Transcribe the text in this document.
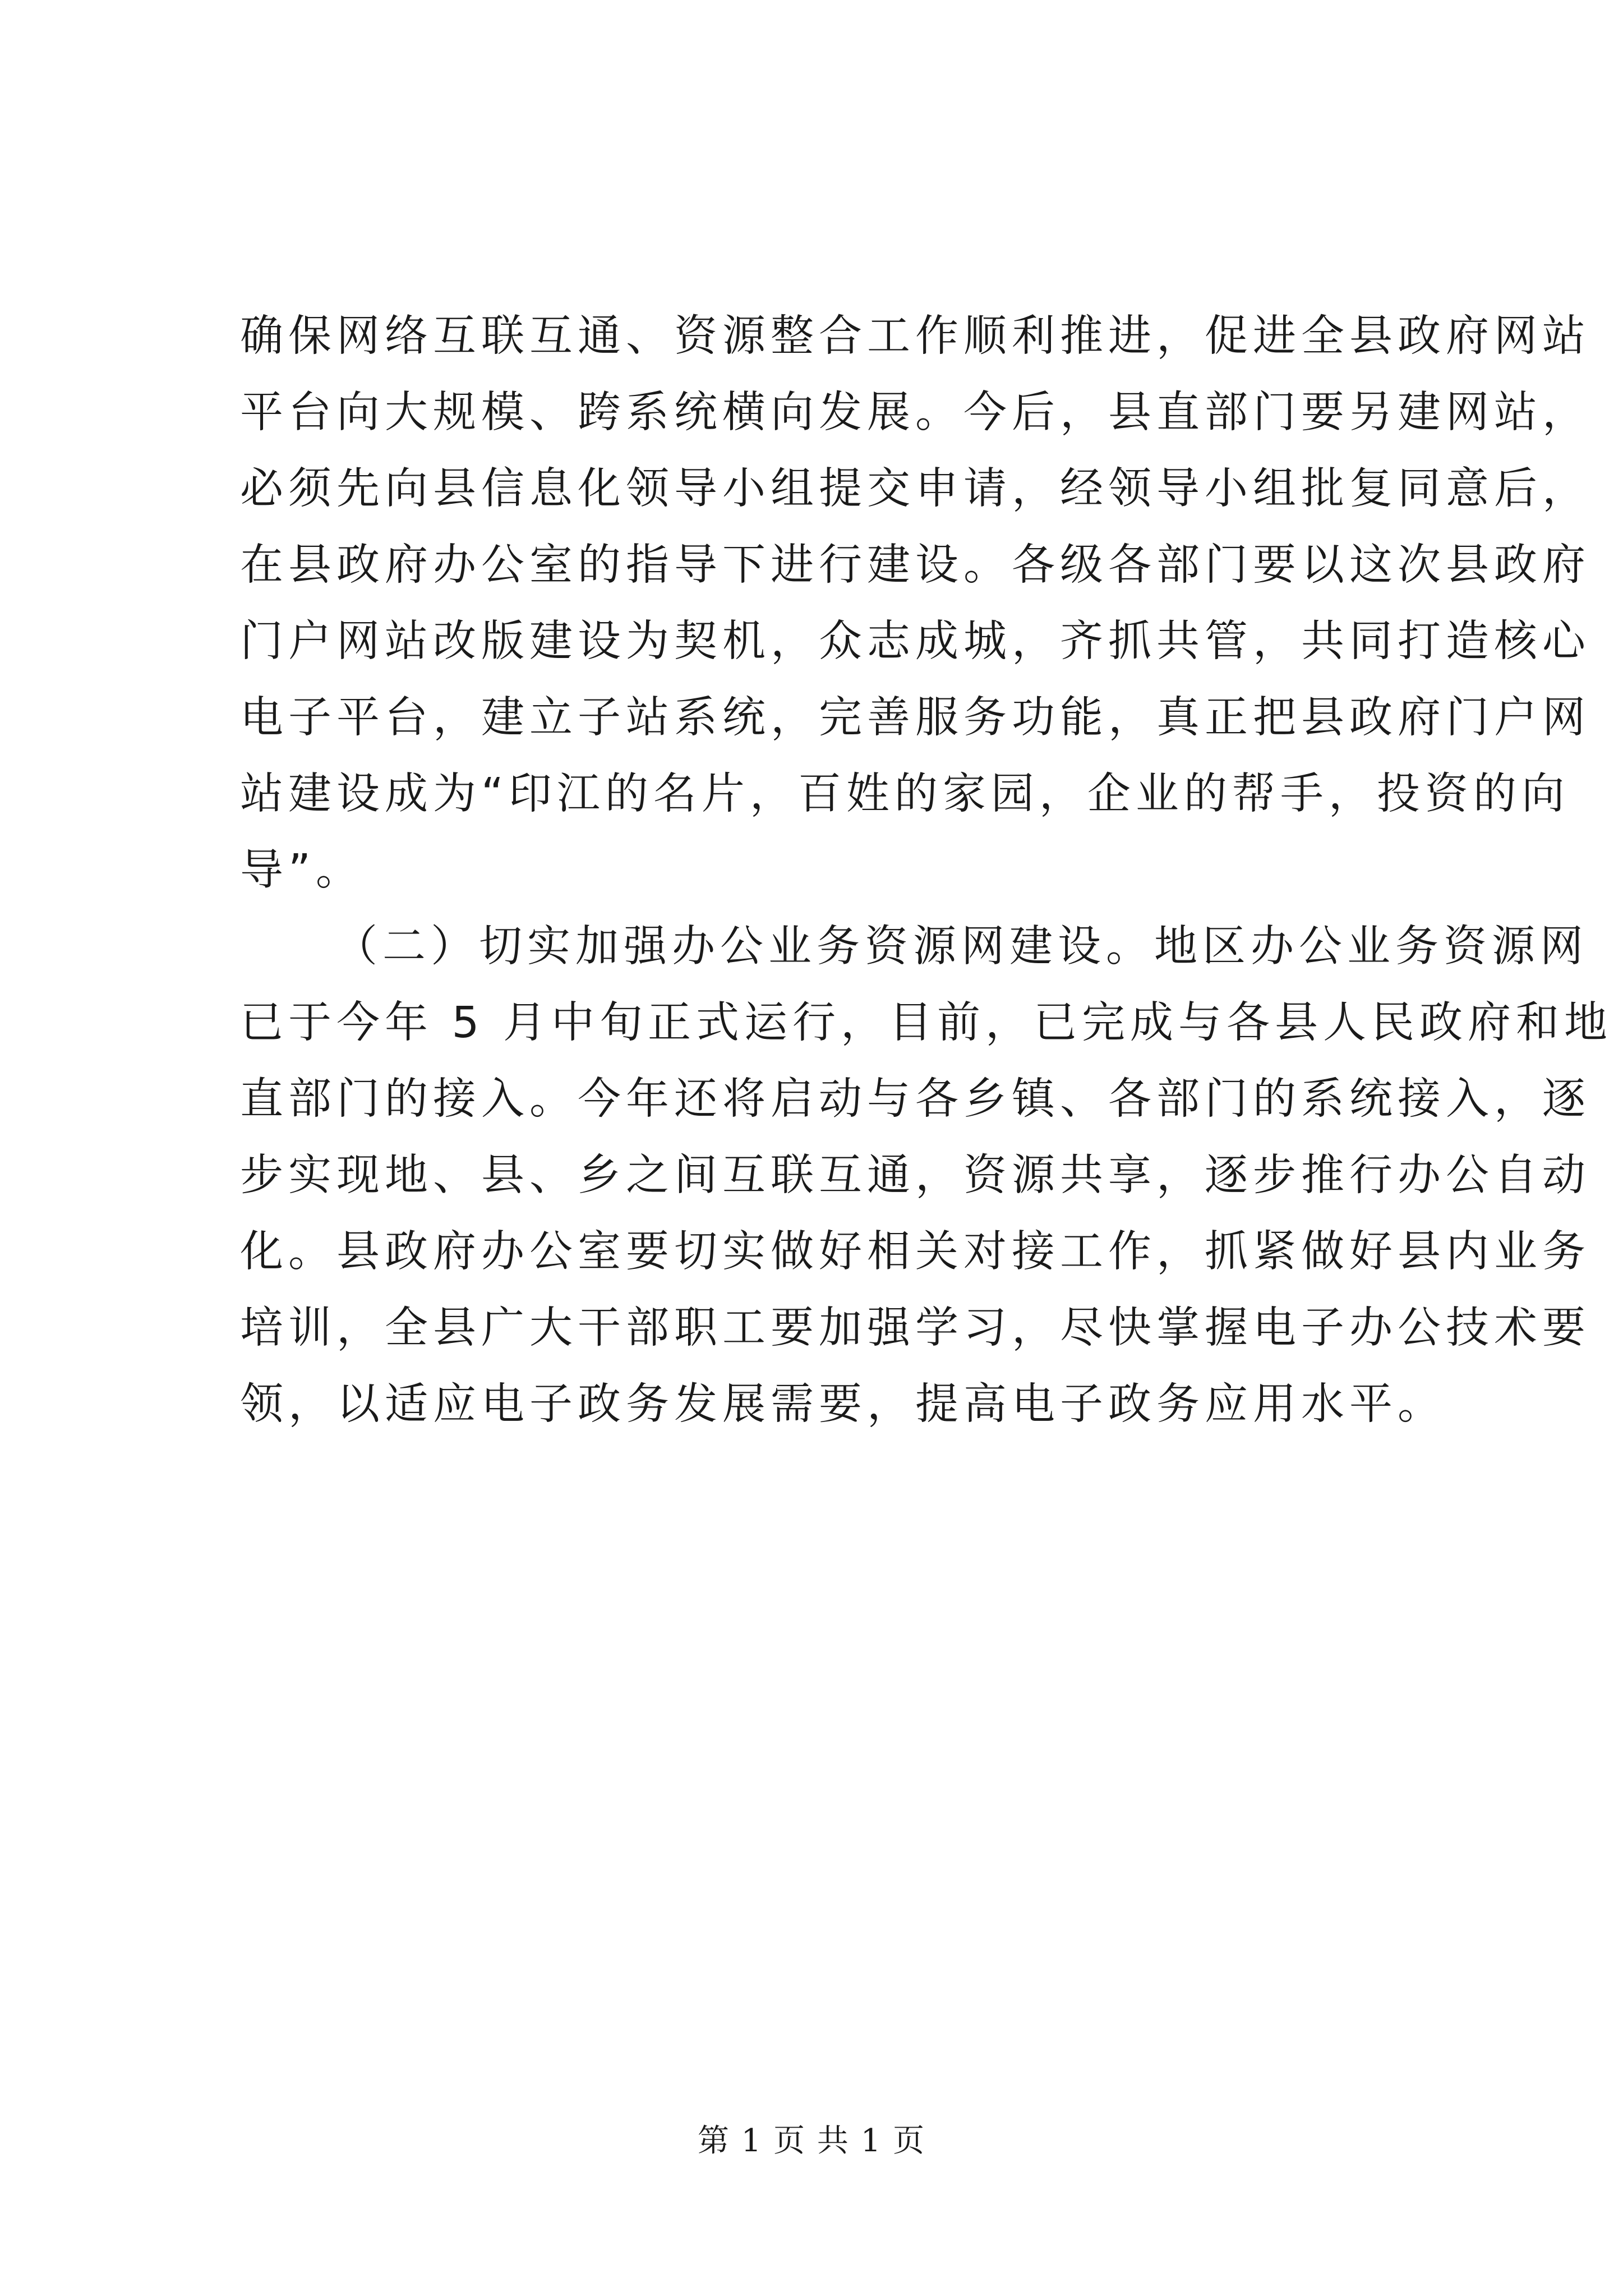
确保网络互联互通、资源整合工作顺利推进，促进全县政府网站
平台向大规模、跨系统横向发展。今后，县直部门要另建网站，
必须先向县信息化领导小组提交申请，经领导小组批复同意后，
在县政府办公室的指导下进行建设。各级各部门要以这次县政府
门户网站改版建设为契机，众志成城，齐抓共管，共同打造核心
电子平台，建立子站系统，完善服务功能，真正把县政府门户网
站建设成为“印江的名片，百姓的家园，企业的帮手，投资的向
导”。
（二）切实加强办公业务资源网建设。地区办公业务资源网
已于今年 5 月中旬正式运行，目前，已完成与各县人民政府和地
直部门的接入。今年还将启动与各乡镇、各部门的系统接入，逐
步实现地、县、乡之间互联互通，资源共享，逐步推行办公自动
化。县政府办公室要切实做好相关对接工作，抓紧做好县内业务
培训，全县广大干部职工要加强学习，尽快掌握电子办公技术要
领，以适应电子政务发展需要，提高电子政务应用水平。
第 1 页 共 1 页
